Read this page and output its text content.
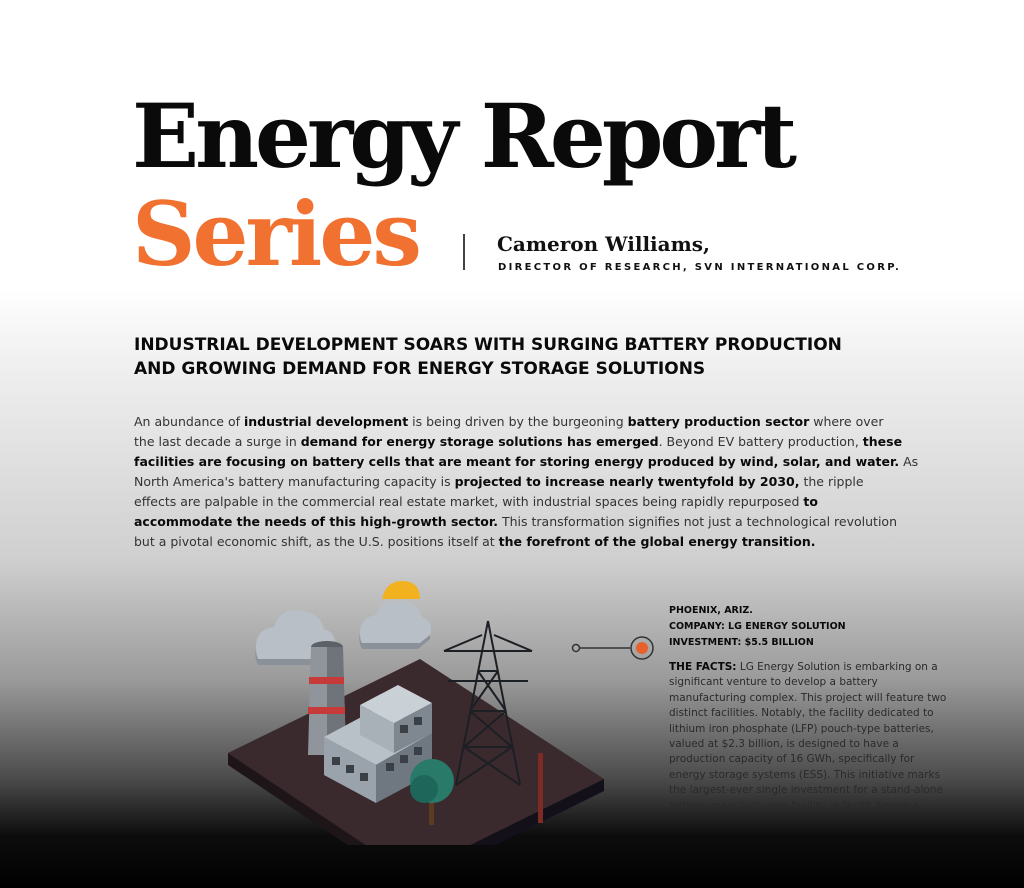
Energy Report
Series	Cameron Williams,
DIRECTOR OF RESEARCH, SVN INTERNATIONAL CORP.
INDUSTRIAL DEVELOPMENT SOARS WITH SURGING BATTERY PRODUCTION
AND GROWING DEMAND FOR ENERGY STORAGE SOLUTIONS
An abundance of industrial development is being driven by the burgeoning battery production sector where over
the last decade a surge in demand for energy storage solutions has emerged. Beyond EV battery production, these
facilities are focusing on battery cells that are meant for storing energy produced by wind, solar, and water. As
North America's battery manufacturing capacity is projected to increase nearly twentyfold by 2030, the ripple
effects are palpable in the commercial real estate market, with industrial spaces being rapidly repurposed to
accommodate the needs of this high-growth sector. This transformation signifies not just a technological revolution
but a pivotal economic shift, as the U.S. positions itself at the forefront of the global energy transition.
PHOENIX, ARIZ.
COMPANY: LG ENERGY SOLUTION
INVESTMENT: $5.5 BILLION
THE FACTS: LG Energy Solution is embarking on a
significant venture to develop a battery
manufacturing complex. This project will feature two
distinct facilities. Notably, the facility dedicated to
lithium iron phosphate (LFP) pouch-type batteries,
valued at $2.3 billion, is designed to have a
production capacity of 16 GWh, specifically for
energy storage systems (ESS). This initiative marks
the largest-ever single investment for a stand-alone
battery manufacturing facility in North America.
